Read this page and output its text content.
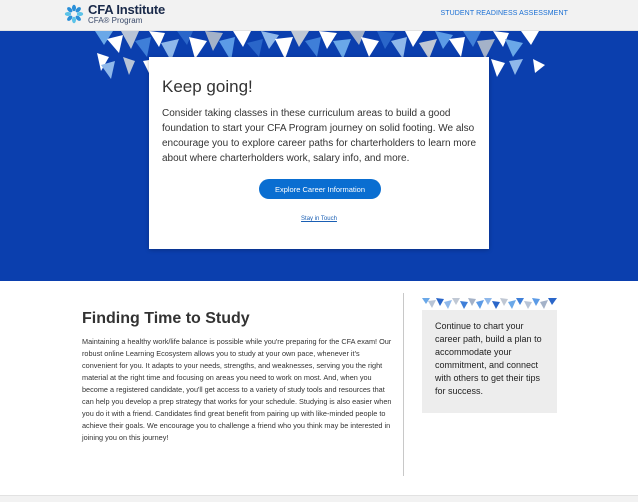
CFA Institute
CFA® Program
STUDENT READINESS ASSESSMENT
Keep going!

Consider taking classes in these curriculum areas to build a good foundation to start your CFA Program journey on solid footing. We also encourage you to explore career paths for charterholders to learn more about where charterholders work, salary info, and more.

Explore Career Information
Stay in Touch
Finding Time to Study

Maintaining a healthy work/life balance is possible while you're preparing for the CFA exam! Our robust online Learning Ecosystem allows you to study at your own pace, whenever it's convenient for you. It adapts to your needs, strengths, and weaknesses, serving you the right material at the right time and focusing on areas you need to work on most. And, when you become a registered candidate, you'll get access to a variety of study tools and resources that can help you develop a prep strategy that works for your schedule. Studying is also easier when you do it with a friend. Candidates find great benefit from pairing up with like-minded people to achieve their goals. We encourage you to challenge a friend who you think may be interested in joining you on this journey!

Continue to chart your career path, build a plan to accommodate your commitment, and connect with others to get their tips for success.
